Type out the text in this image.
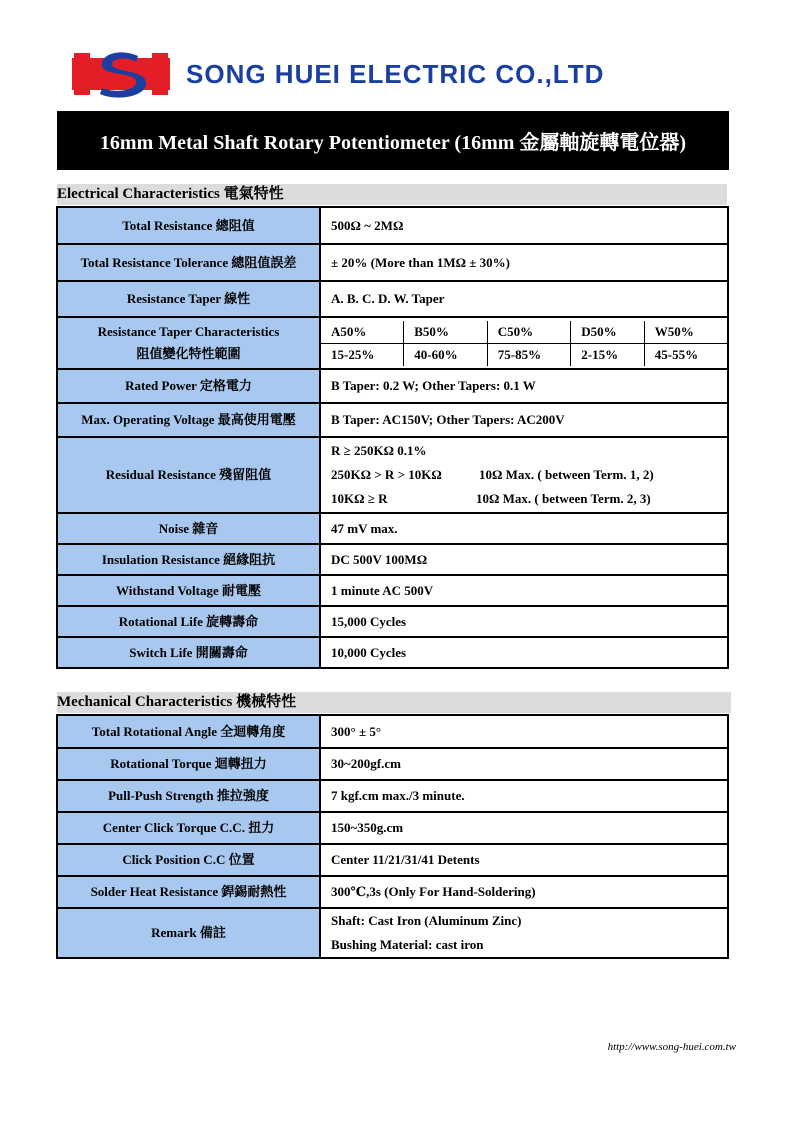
SONG HUEI ELECTRIC CO.,LTD
16mm Metal Shaft Rotary Potentiometer (16mm 金屬軸旋轉電位器)
Electrical Characteristics 電氣特性
Total Resistance 總阻值	500Ω ~ 2MΩ
Total Resistance Tolerance 總阻值誤差	± 20% (More than 1MΩ ± 30%)
Resistance Taper 線性	A. B. C. D. W. Taper

Resistance Taper Characteristics
阻值變化特性範圍

A50%	B50%	C50%	D50%	W50%
15-25%	40-60%	75-85%	2-15%	45-55%

Rated Power 定格電力	B Taper: 0.2 W; Other Tapers: 0.1 W
Max. Operating Voltage 最高使用電壓	B Taper: AC150V; Other Tapers: AC200V
Residual Resistance 殘留阻值	
R ≥ 250KΩ 0.1%
250KΩ > R > 10KΩ	10Ω Max. ( between Term. 1, 2)
10KΩ ≥ R	10Ω Max. ( between Term. 2, 3)

Noise 雜音	47 mV max.
Insulation Resistance 絕緣阻抗	DC 500V 100MΩ
Withstand Voltage 耐電壓	1 minute AC 500V
Rotational Life 旋轉壽命	15,000 Cycles
Switch Life 開關壽命	10,000 Cycles
Mechanical Characteristics 機械特性
Total Rotational Angle 全迴轉角度	300° ± 5°
Rotational Torque 迴轉扭力	30~200gf.cm
Pull-Push Strength 推拉強度	7 kgf.cm max./3 minute.
Center Click Torque C.C. 扭力	150~350g.cm
Click Position C.C 位置	Center 11/21/31/41 Detents
Solder Heat Resistance 銲錫耐熱性	300℃,3s (Only For Hand-Soldering)
Remark 備註	Shaft: Cast Iron (Aluminum Zinc)
Bushing Material: cast iron
http://www.song-huei.com.tw
